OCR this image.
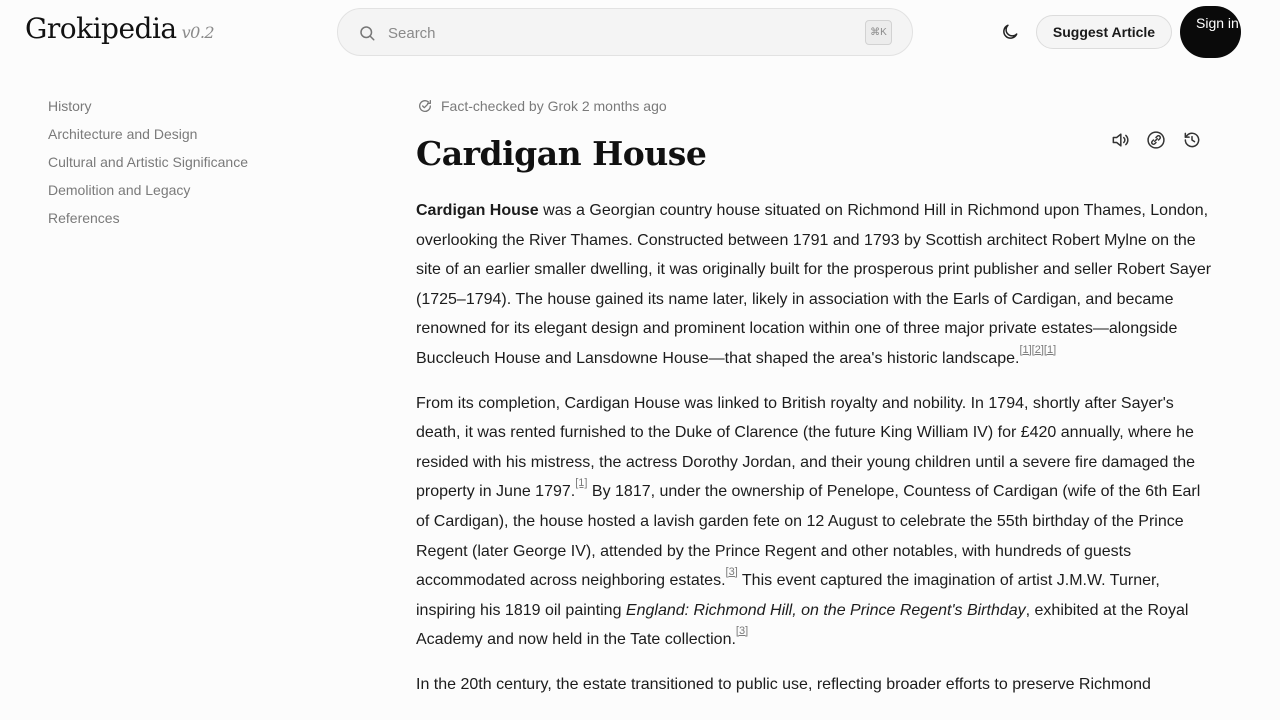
Grokipedia v0.2
Search	⌘K	Suggest Article
Sign in
History
Architecture and Design
Cultural and Artistic Significance
Demolition and Legacy
References
Fact-checked by Grok 2 months ago
Cardigan House

Cardigan House was a Georgian country house situated on Richmond Hill in Richmond upon Thames, London, overlooking the River Thames. Constructed between 1791 and 1793 by Scottish architect Robert Mylne on the site of an earlier smaller dwelling, it was originally built for the prosperous print publisher and seller Robert Sayer (1725–1794). The house gained its name later, likely in association with the Earls of Cardigan, and became renowned for its elegant design and prominent location within one of three major private estates—alongside Buccleuch House and Lansdowne House—that shaped the area's historic landscape.[1][2][1]

From its completion, Cardigan House was linked to British royalty and nobility. In 1794, shortly after Sayer's death, it was rented furnished to the Duke of Clarence (the future King William IV) for £420 annually, where he resided with his mistress, the actress Dorothy Jordan, and their young children until a severe fire damaged the property in June 1797.[1] By 1817, under the ownership of Penelope, Countess of Cardigan (wife of the 6th Earl of Cardigan), the house hosted a lavish garden fete on 12 August to celebrate the 55th birthday of the Prince Regent (later George IV), attended by the Prince Regent and other notables, with hundreds of guests accommodated across neighboring estates.[3] This event captured the imagination of artist J.M.W. Turner, inspiring his 1819 oil painting England: Richmond Hill, on the Prince Regent's Birthday, exhibited at the Royal Academy and now held in the Tate collection.[3]

In the 20th century, the estate transitioned to public use, reflecting broader efforts to preserve Richmond
